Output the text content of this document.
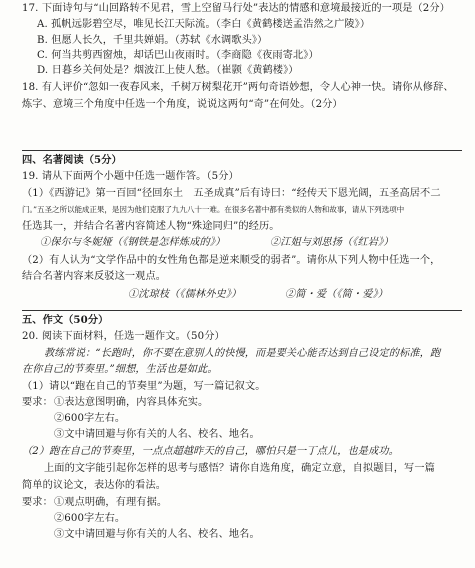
17. 下面诗句与“山回路转不见君，雪上空留马行处”表达的情感和意境最接近的一项是（2分）
A. 孤帆远影碧空尽，唯见长江天际流。（李白《黄鹤楼送孟浩然之广陵》）
B. 但愿人长久，千里共婵娟。（苏轼《水调歌头》）
C. 何当共剪西窗烛，却话巴山夜雨时。（李商隐《夜雨寄北》）
D. 日暮乡关何处是？烟波江上使人愁。（崔颢《黄鹤楼》）
18. 有人评价“忽如一夜春风来，千树万树梨花开”两句奇语妙想，令人心神一快。请你从修辞、
炼字、意境三个角度中任选一个角度，说说这两句“奇”在何处。（2分）
四、名著阅读（5分）
19. 请从下面两个小题中任选一题作答。（5分）
（1）《西游记》第一百回“径回东土　五圣成真”后有诗曰：“经传天下恩光阔，五圣高居不二
门。”五圣之所以能成正果，是因为他们克服了九九八十一难。在很多名著中都有类似的人物和故事，请从下列选项中
任选其一，并结合名著内容简述人物“殊途同归”的经历。
①保尔与冬妮娅（《钢铁是怎样炼成的》）	②江姐与刘思扬（《红岩》）
（2）有人认为“文学作品中的女性角色都是逆来顺受的弱者”。请你从下列人物中任选一个，
结合名著内容来反驳这一观点。
①沈琼枝（《儒林外史》）	②简・爱（《简・爱》）
五、作文（50分）
20. 阅读下面材料，任选一题作文。（50分）
教练常说：“长跑时，你不要在意别人的快慢，而是要关心能否达到自己设定的标准，跑
在你自己的节奏里。”细想，生活也是如此。
（1）请以“跑在自己的节奏里”为题，写一篇记叙文。
要求： ①表达意图明确，内容具体充实。
②600字左右。
③文中请回避与你有关的人名、校名、地名。
（2）跑在自己的节奏里，一点点超越昨天的自己，哪怕只是一丁点儿，也是成功。
上面的文字能引起你怎样的思考与感悟？请你自选角度，确定立意，自拟题目，写一篇
简单的议论文，表达你的看法。
要求： ①观点明确，有理有据。
②600字左右。
③文中请回避与你有关的人名、校名、地名。
